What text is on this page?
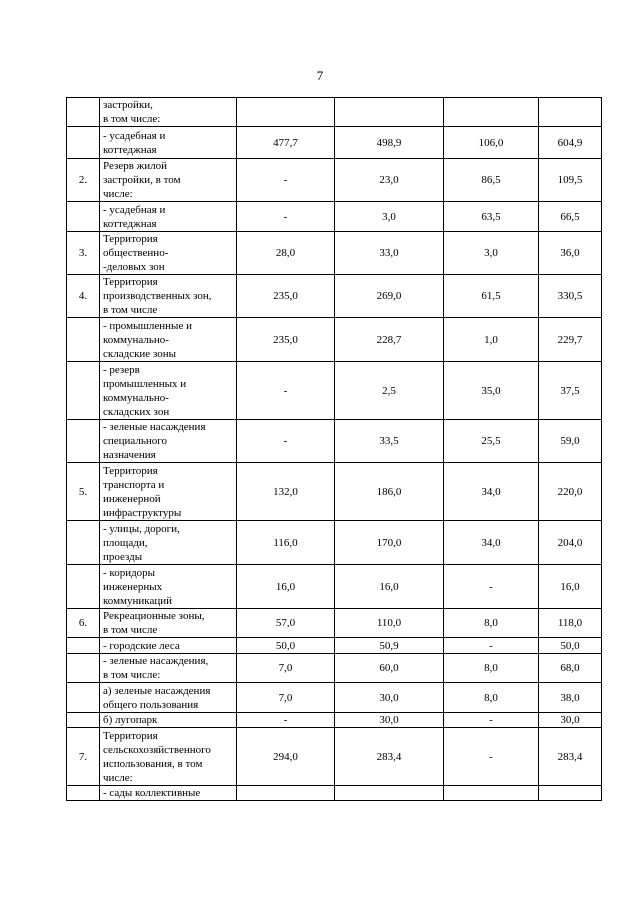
7
	застройки,
в том числе:				
	- усадебная и
коттеджная	477,7	498,9	106,0	604,9
2.	Резерв жилой
застройки, в том
числе:	-	23,0	86,5	109,5
	- усадебная и
коттеджная	-	3,0	63,5	66,5
3.	Территория
общественно-
-деловых зон	28,0	33,0	3,0	36,0
4.	Территория
производственных зон,
в том числе	235,0	269,0	61,5	330,5
	- промышленные и
коммунально-
складские зоны	235,0	228,7	1,0	229,7
	- резерв
промышленных и
коммунально-
складских зон	-	2,5	35,0	37,5
	- зеленые насаждения
специального
назначения	-	33,5	25,5	59,0
5.	Территория
транспорта и
инженерной
инфраструктуры	132,0	186,0	34,0	220,0
	- улицы, дороги,
площади,
проезды	116,0	170,0	34,0	204,0
	- коридоры
инженерных
коммуникаций	16,0	16,0	-	16,0
6.	Рекреационные зоны,
в том числе	57,0	110,0	8,0	118,0
	- городские леса	50,0	50,9	-	50,0
	- зеленые насаждения,
в том числе:	7,0	60,0	8,0	68,0
	а) зеленые насаждения
общего пользования	7,0	30,0	8,0	38,0
	б) лугопарк	-	30,0	-	30,0
7.	Территория
сельскохозяйственного
использования, в том
числе:	294,0	283,4	-	283,4
	- сады коллективные				
